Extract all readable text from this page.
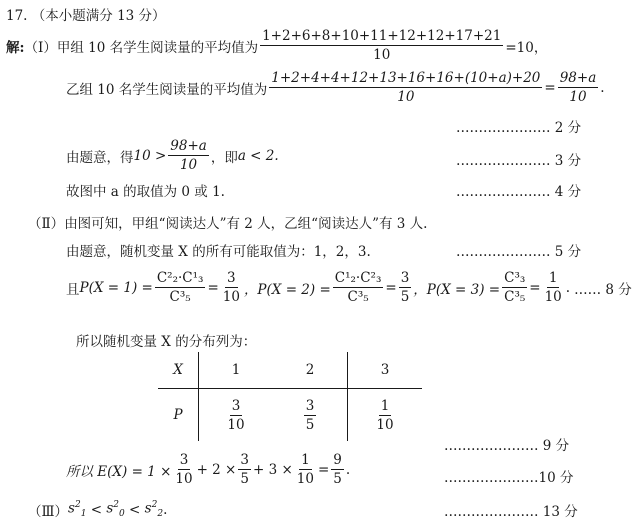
17. （本小题满分 13 分）
解: （Ⅰ） 甲组 10 名学生阅读量的平均值为 $\frac{1+2+6+8+10+11+12+12+17+21}{10} =10$，
乙组 10 名学生阅读量的平均值为 $\frac{1+2+4+4+12+13+16+16+(10+a)+20}{10} = \frac{98+a}{10}$ .
………………… 2 分
由题意，得 $10 > \frac{98+a}{10}$ ，即 a < 2.	………………… 3 分
故图中 a 的取值为 0 或 1.	………………… 4 分
（Ⅱ） 由图可知，甲组“阅读达人”有 2 人，乙组“阅读达人”有 3 人.
由题意，随机变量 X 的所有可能取值为：1，2，3.	………………… 5 分
且 $P(X = 1) = \frac{\text{C²₂·C¹₃}}{\text{C³₅}} = \frac{3}{10}$ ，$P(X = 2) = \frac{\text{C¹₂·C²₃}}{\text{C³₅}} = \frac{3}{5}$ ，$P(X = 3) = \frac{\text{C³₃}}{\text{C³₅}} = \frac{1}{10}$ . …… 8 分
所以随机变量 X 的分布列为：
X	1	2	3
P	$\frac{3}{10}$	$\frac{3}{5}$	$\frac{1}{10}$
………………… 9 分
所以 $E(X) = 1 \times \frac{3}{10} + 2 \times \frac{3}{5} + 3 \times \frac{1}{10} = \frac{9}{5}$ .
…………………10 分
（Ⅲ） $s^2_1 < s^2_0 < s^2_2$ .	………………… 13 分
